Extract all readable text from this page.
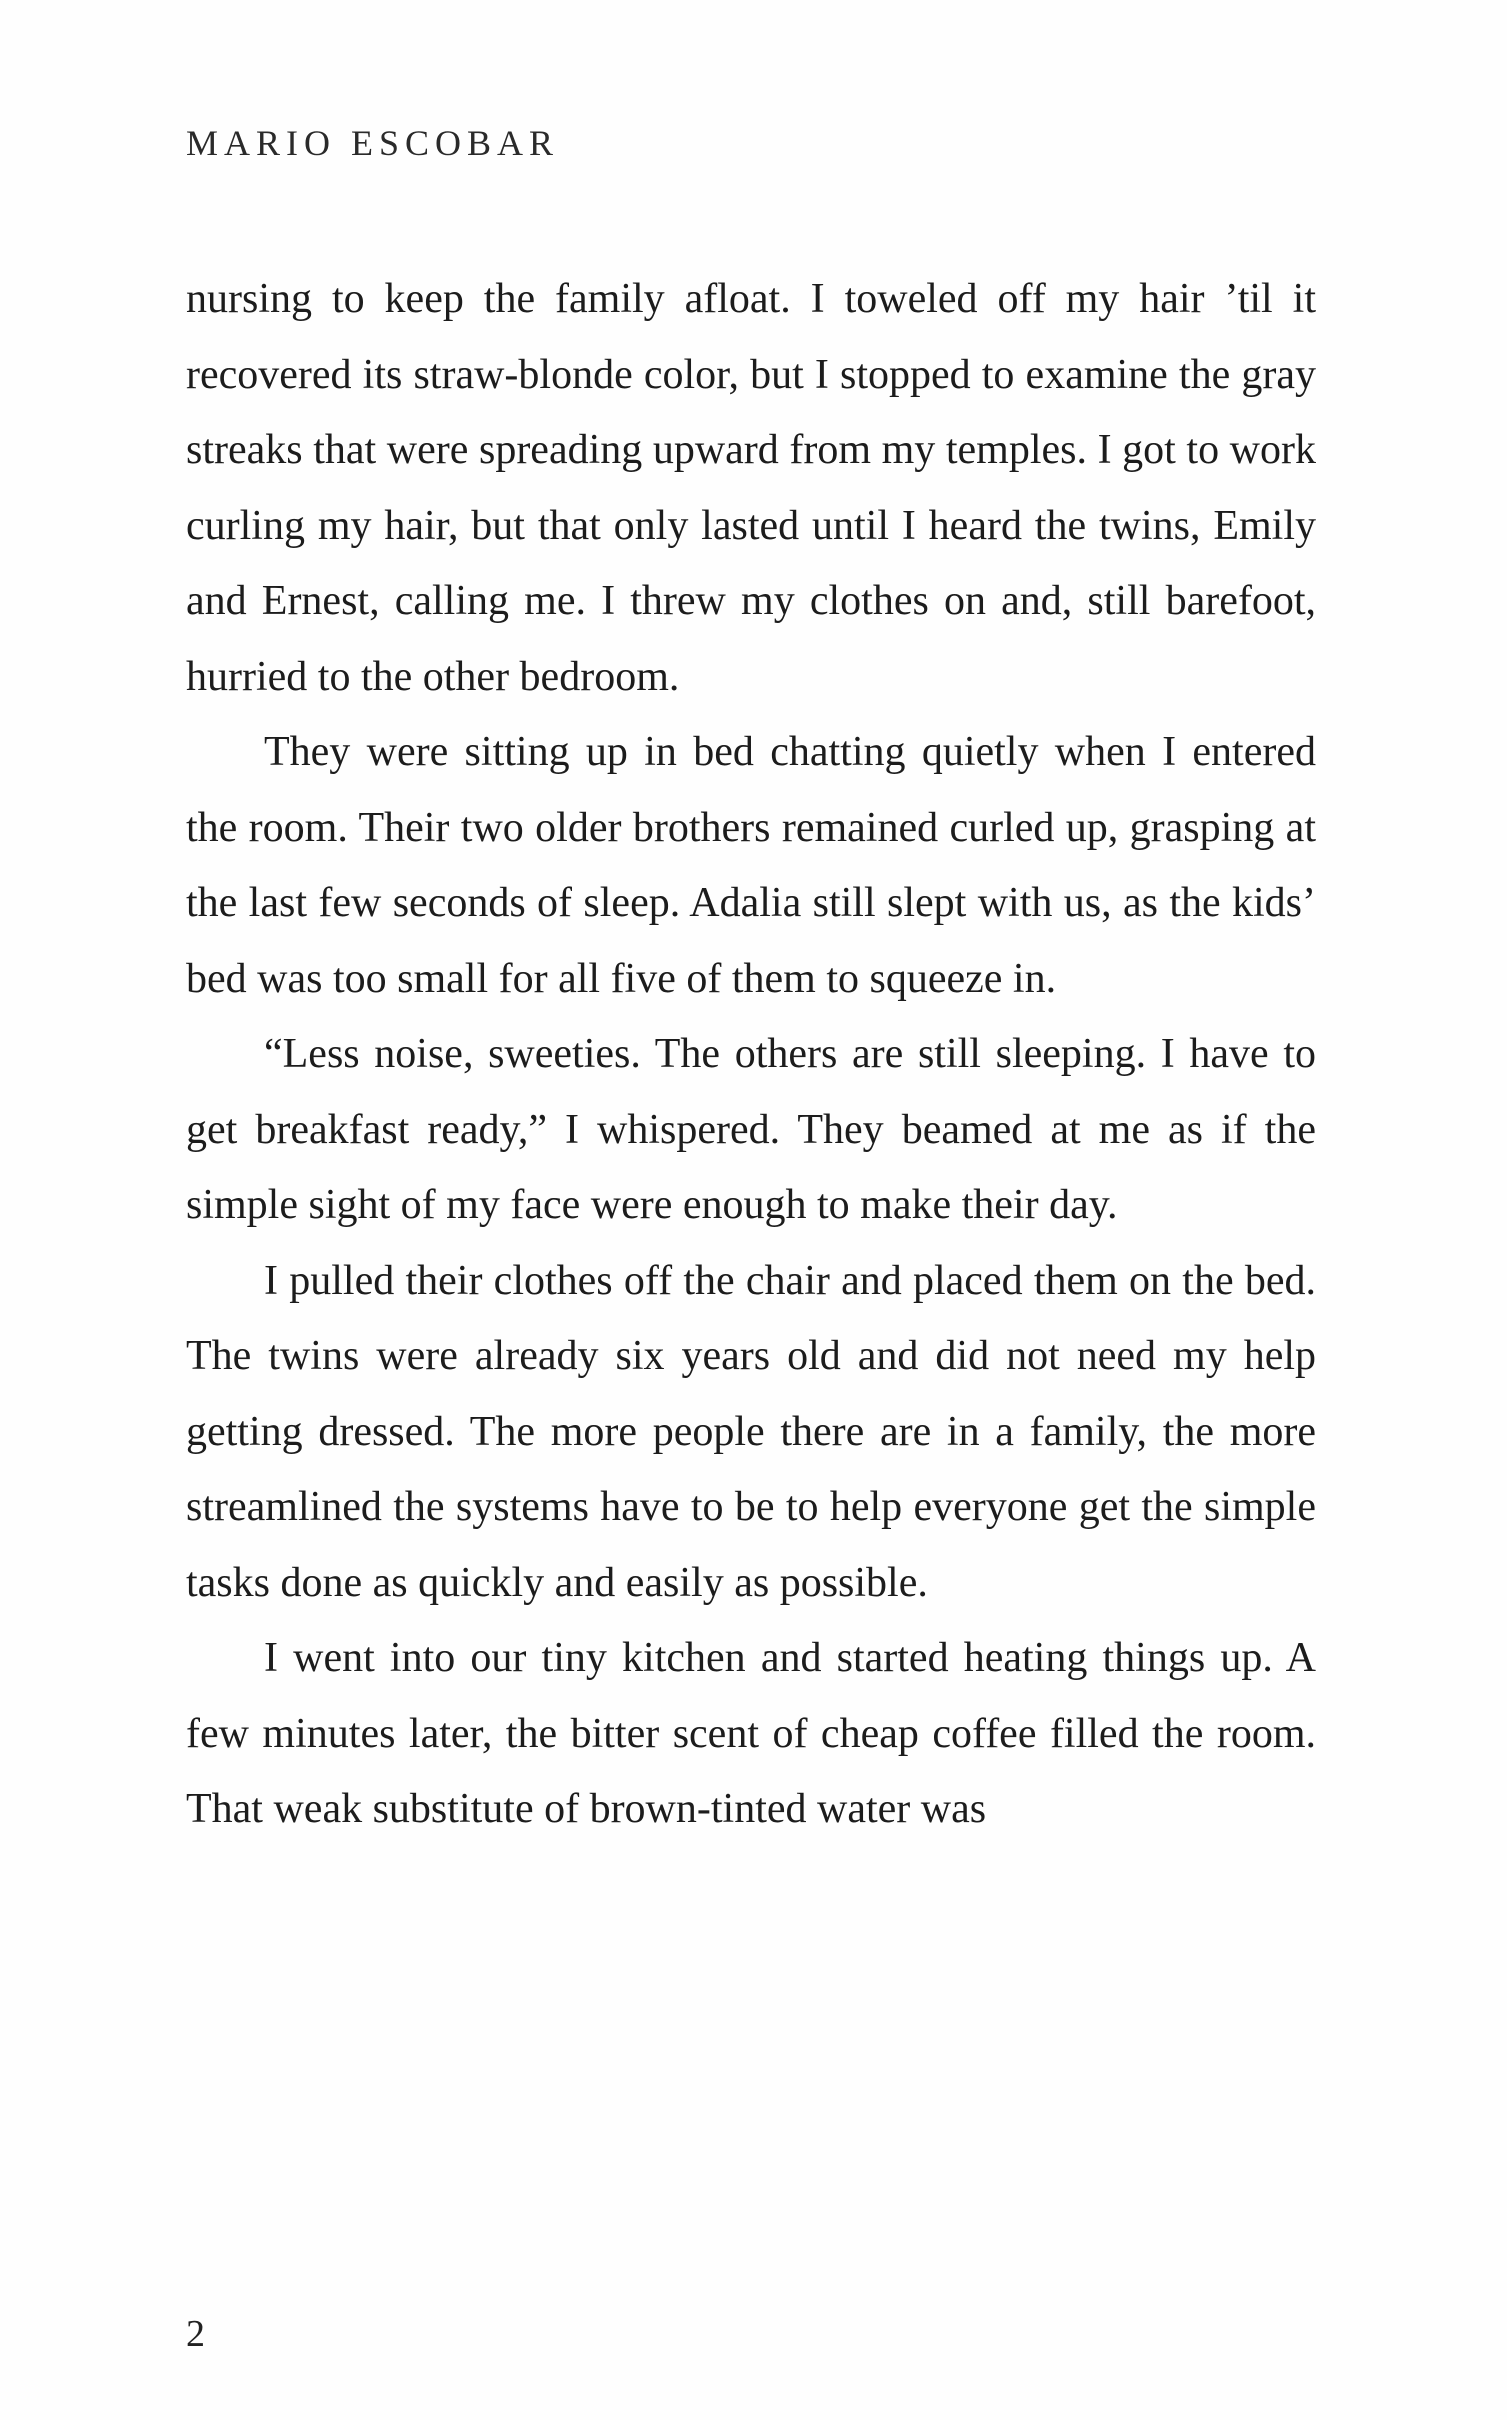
MARIO ESCOBAR

nursing to keep the family afloat. I toweled off my hair ’til it recovered its straw-blonde color, but I stopped to examine the gray streaks that were spreading upward from my temples. I got to work curling my hair, but that only lasted until I heard the twins, Emily and Ernest, calling me. I threw my clothes on and, still barefoot, hurried to the other bedroom.

They were sitting up in bed chatting quietly when I entered the room. Their two older brothers remained curled up, grasping at the last few seconds of sleep. Adalia still slept with us, as the kids’ bed was too small for all five of them to squeeze in.

“Less noise, sweeties. The others are still sleeping. I have to get breakfast ready,” I whispered. They beamed at me as if the simple sight of my face were enough to make their day.

I pulled their clothes off the chair and placed them on the bed. The twins were already six years old and did not need my help getting dressed. The more people there are in a family, the more streamlined the systems have to be to help everyone get the simple tasks done as quickly and easily as possible.

I went into our tiny kitchen and started heating things up. A few minutes later, the bitter scent of cheap coffee filled the room. That weak substitute of brown-tinted water was

2
